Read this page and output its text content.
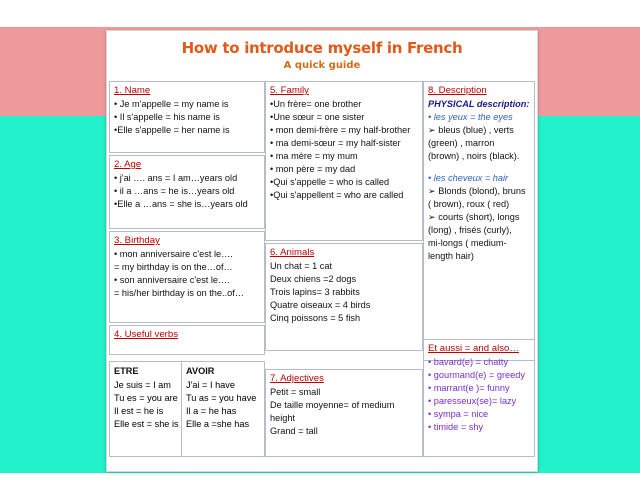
How to introduce myself in French
A quick guide
1. Name
• Je m'appelle = my name is
• Il s'appelle = his name is
•Elle s'appelle = her name is
2. Age
• j'ai …. ans = I am…years old
• il a …ans = he is…years old
•Elle a …ans = she is…years old
3. Birthday
• mon anniversaire c'est le….
= my birthday is on the…of…
• son anniversaire c'est le….
= his/her birthday is on the..of…
4. Useful verbs
ETRE
Je suis = I am
Tu es = you are
Il est = he is
Elle est = she is
AVOIR
J'ai = I have
Tu as = you have
Il a = he has
Elle a =she has
5. Family
•Un frère= one brother
•Une sœur = one sister
• mon demi-frère = my half-brother
• ma demi-sœur = my half-sister
• ma mère = my mum
• mon père = my dad
•Qui s'appelle = who is called
•Qui s'appellent = who are called
6. Animals
Un chat = 1 cat
Deux chiens =2 dogs
Trois lapins= 3 rabbits
Quatre oiseaux = 4 birds
Cinq poissons = 5 fish
7. Adjectives
Petit = small
De taille moyenne= of medium
height
Grand = tall
8. Description
PHYSICAL description:
• les yeux = the eyes
➢ bleus (blue) , verts
(green) , marron
(brown) , noirs (black).
• les cheveux = hair
➢ Blonds (blond), bruns
( brown), roux ( red)
➢ courts (short), longs
(long) , frisés (curly),
mi-longs ( medium-
length hair)
Et aussi = and also…
• bavard(e) = chatty
• gourmand(e) = greedy
• marrant(e )= funny
• paresseux(se)= lazy
• sympa = nice
• timide = shy
